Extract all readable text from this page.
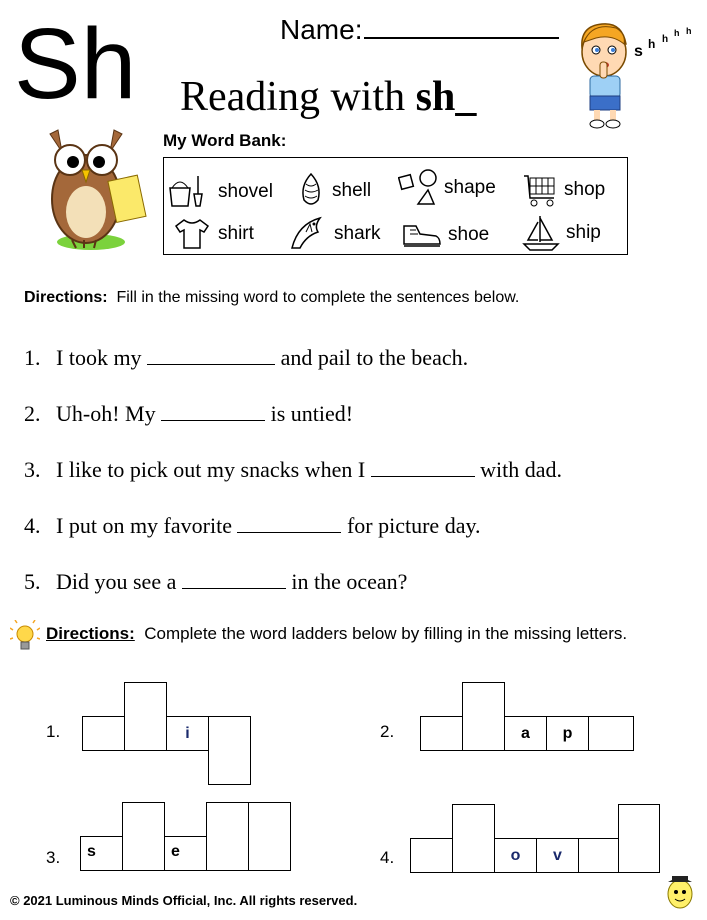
Sh	Name:
Reading with sh_
s h h
h h
My Word Bank:
shovel	shell	shape	shop
shirt	shark	shoe	ship
Directions: Fill in the missing word to complete the sentences below.
1. I took my	and pail to the beach.
2. Uh-oh! My	is untied!
3. I like to pick out my snacks when I	with dad.
4. I put on my favorite	for picture day.
5. Did you see a	in the ocean?
Directions: Complete the word ladders below by filling in the missing letters.
1.	i	2.	a p
3. s	e	4.	o v
© 2021 Luminous Minds Official, Inc. All rights reserved.
